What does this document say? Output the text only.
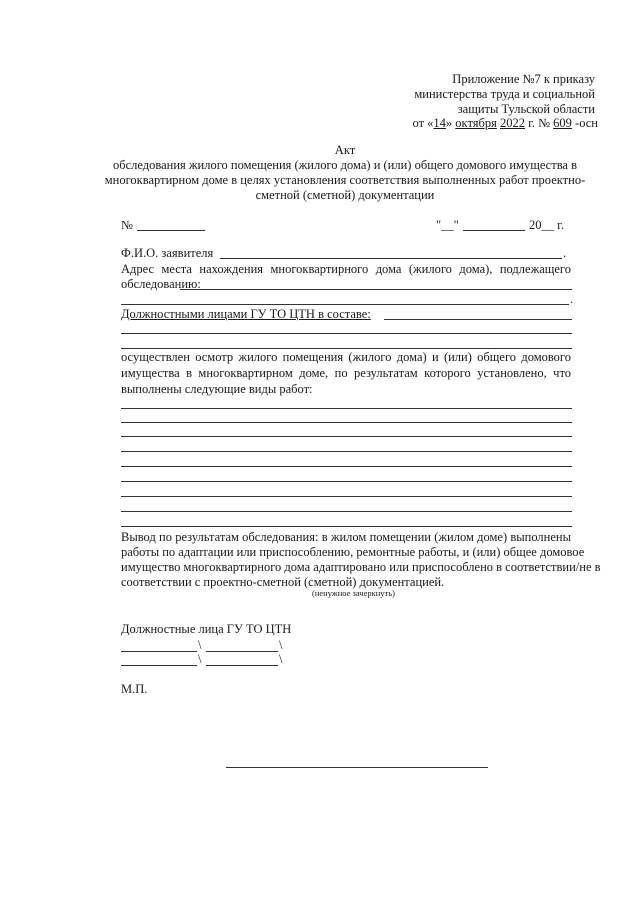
Приложение №7 к приказу
министерства труда и социальной
защиты Тульской области
от «14» октября 2022 г. № 609 -осн
Акт
обследования жилого помещения (жилого дома) и (или) общего домового имущества в
многоквартирном доме в целях установления соответствия выполненных работ проектно-
сметной (сметной) документации
№	"__"	20__ г.
Ф.И.О. заявителя	.
Адрес места нахождения многоквартирного дома (жилого дома), подлежащего
обследованию:
.
Должностными лицами ГУ ТО ЦТН в составе:
осуществлен осмотр жилого помещения (жилого дома) и (или) общего домового
имущества в многоквартирном доме, по результатам которого установлено, что
выполнены следующие виды работ:
Вывод по результатам обследования: в жилом помещении (жилом доме) выполнены
работы по адаптации или приспособлению, ремонтные работы, и (или) общее домовое
имущество многоквартирного дома адаптировано или приспособлено в соответствии/не в
соответствии с проектно-сметной (сметной) документацией.
(ненужное зачеркнуть)
Должностные лица ГУ ТО ЦТН
\	\
\	\
М.П.
